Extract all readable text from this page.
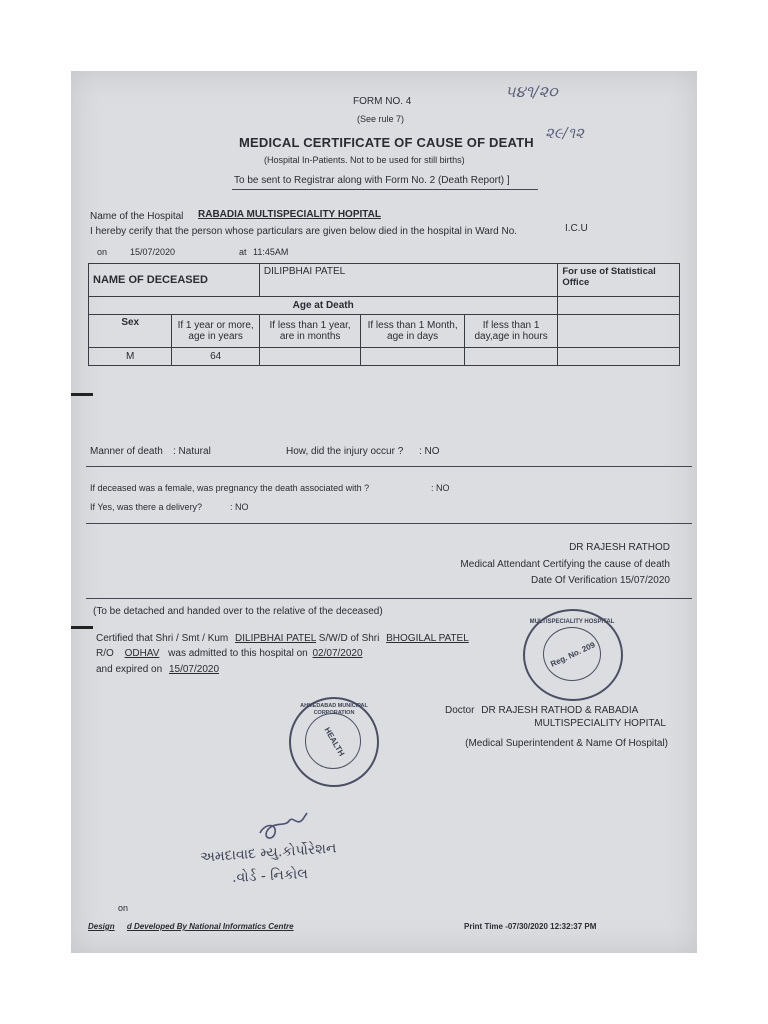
FORM NO. 4
(See rule 7)
MEDICAL CERTIFICATE OF CAUSE OF DEATH
(Hospital In-Patients. Not to be used for still births)
To be sent to Registrar along with Form No. 2 (Death Report) ]
૫૪૧/૨૦
૨૯/૧૨
Name of the Hospital RABADIA MULTISPECIALITY HOPITAL
I hereby cerify that the person whose particulars are given below died in the hospital in Ward No.	I.C.U
on	15/07/2020	at 11:45AM
NAME OF DECEASED		DILIPBHAI PATEL			For use of Statistical Office
Age at Death					
Sex	If 1 year or more, age in years	If less than 1 year, are in months	If less than 1 Month, age in days	If less than 1 day,age in hours	
M	64				
Manner of death : Natural	How, did the injury occur ? : NO
If deceased was a female, was pregnancy the death associated with ?	: NO
If Yes, was there a delivery?	: NO
DR RAJESH RATHOD
Medical Attendant Certifying the cause of death
Date Of Verification 15/07/2020
(To be detached and handed over to the relative of the deceased)
Certified that Shri / Smt / Kum DILIPBHAI PATEL S/W/D of Shri BHOGILAL PATEL
R/O ODHAV was admitted to this hospital on 02/07/2020
and expired on 15/07/2020
MULTISPECIALITY HOSPITAL
Reg. No. 209
Doctor DR RAJESH RATHOD & RABADIA
MULTISPECIALITY HOPITAL
(Medical Superintendent & Name Of Hospital)
AHMEDABAD MUNICIPAL CORPORATION
HEALTH
અમદાવાદ મ્યુ.કોર્પોરેશન
.વોર્ડ - નિકોલ
on
Design d Developed By National Informatics Centre	Print Time -07/30/2020 12:32:37 PM
